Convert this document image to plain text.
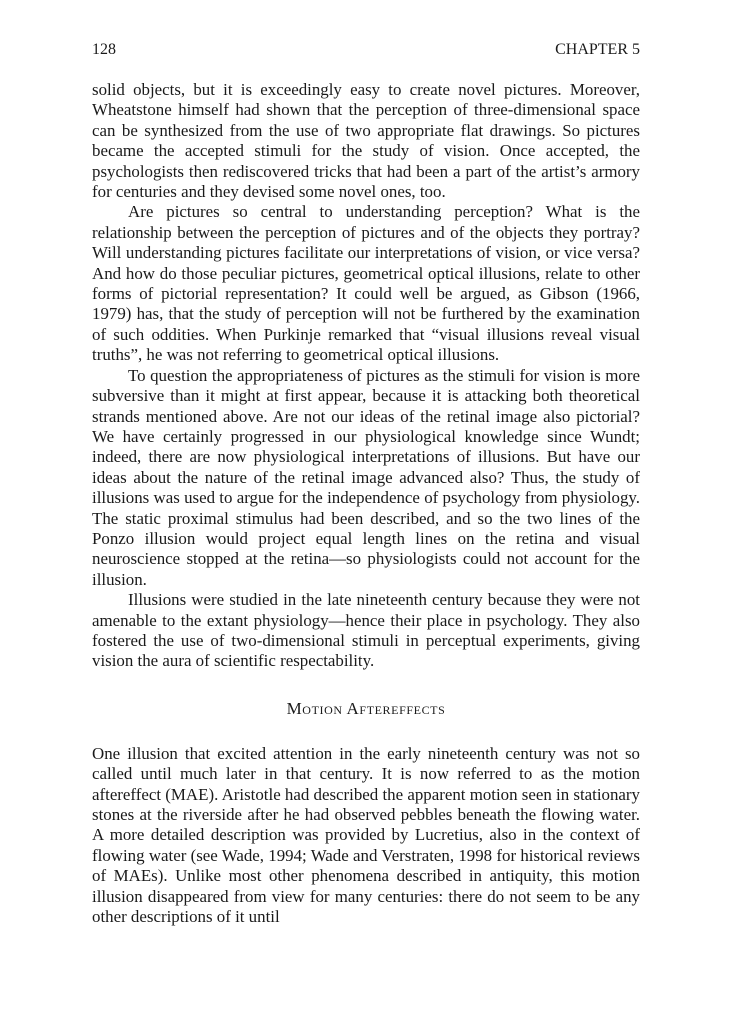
128	CHAPTER 5

solid objects, but it is exceedingly easy to create novel pictures. Moreover, Wheatstone himself had shown that the perception of three-dimensional space can be synthesized from the use of two appropriate flat drawings. So pictures became the accepted stimuli for the study of vision. Once accepted, the psychologists then rediscovered tricks that had been a part of the artist’s armory for centuries and they devised some novel ones, too.

Are pictures so central to understanding perception? What is the relationship between the perception of pictures and of the objects they portray? Will understanding pictures facilitate our interpretations of vision, or vice versa? And how do those peculiar pictures, geometrical optical illusions, relate to other forms of pictorial representation? It could well be argued, as Gibson (1966, 1979) has, that the study of perception will not be furthered by the examination of such oddities. When Purkinje remarked that “visual illusions reveal visual truths”, he was not referring to geometrical optical illusions.

To question the appropriateness of pictures as the stimuli for vision is more subversive than it might at first appear, because it is attacking both theoretical strands mentioned above. Are not our ideas of the retinal image also pictorial? We have certainly progressed in our physiological knowledge since Wundt; indeed, there are now physiological interpretations of illusions. But have our ideas about the nature of the retinal image advanced also? Thus, the study of illusions was used to argue for the independence of psychology from physiology. The static proximal stimulus had been described, and so the two lines of the Ponzo illusion would project equal length lines on the retina and visual neuroscience stopped at the retina—so physiologists could not account for the illusion.

Illusions were studied in the late nineteenth century because they were not amenable to the extant physiology—hence their place in psychology. They also fostered the use of two-dimensional stimuli in perceptual experiments, giving vision the aura of scientific respectability.

Motion Aftereffects

One illusion that excited attention in the early nineteenth century was not so called until much later in that century. It is now referred to as the motion aftereffect (MAE). Aristotle had described the apparent motion seen in stationary stones at the riverside after he had observed pebbles beneath the flowing water. A more detailed description was provided by Lucretius, also in the context of flowing water (see Wade, 1994; Wade and Verstraten, 1998 for historical reviews of MAEs). Unlike most other phenomena described in antiquity, this motion illusion disappeared from view for many centuries: there do not seem to be any other descriptions of it until
